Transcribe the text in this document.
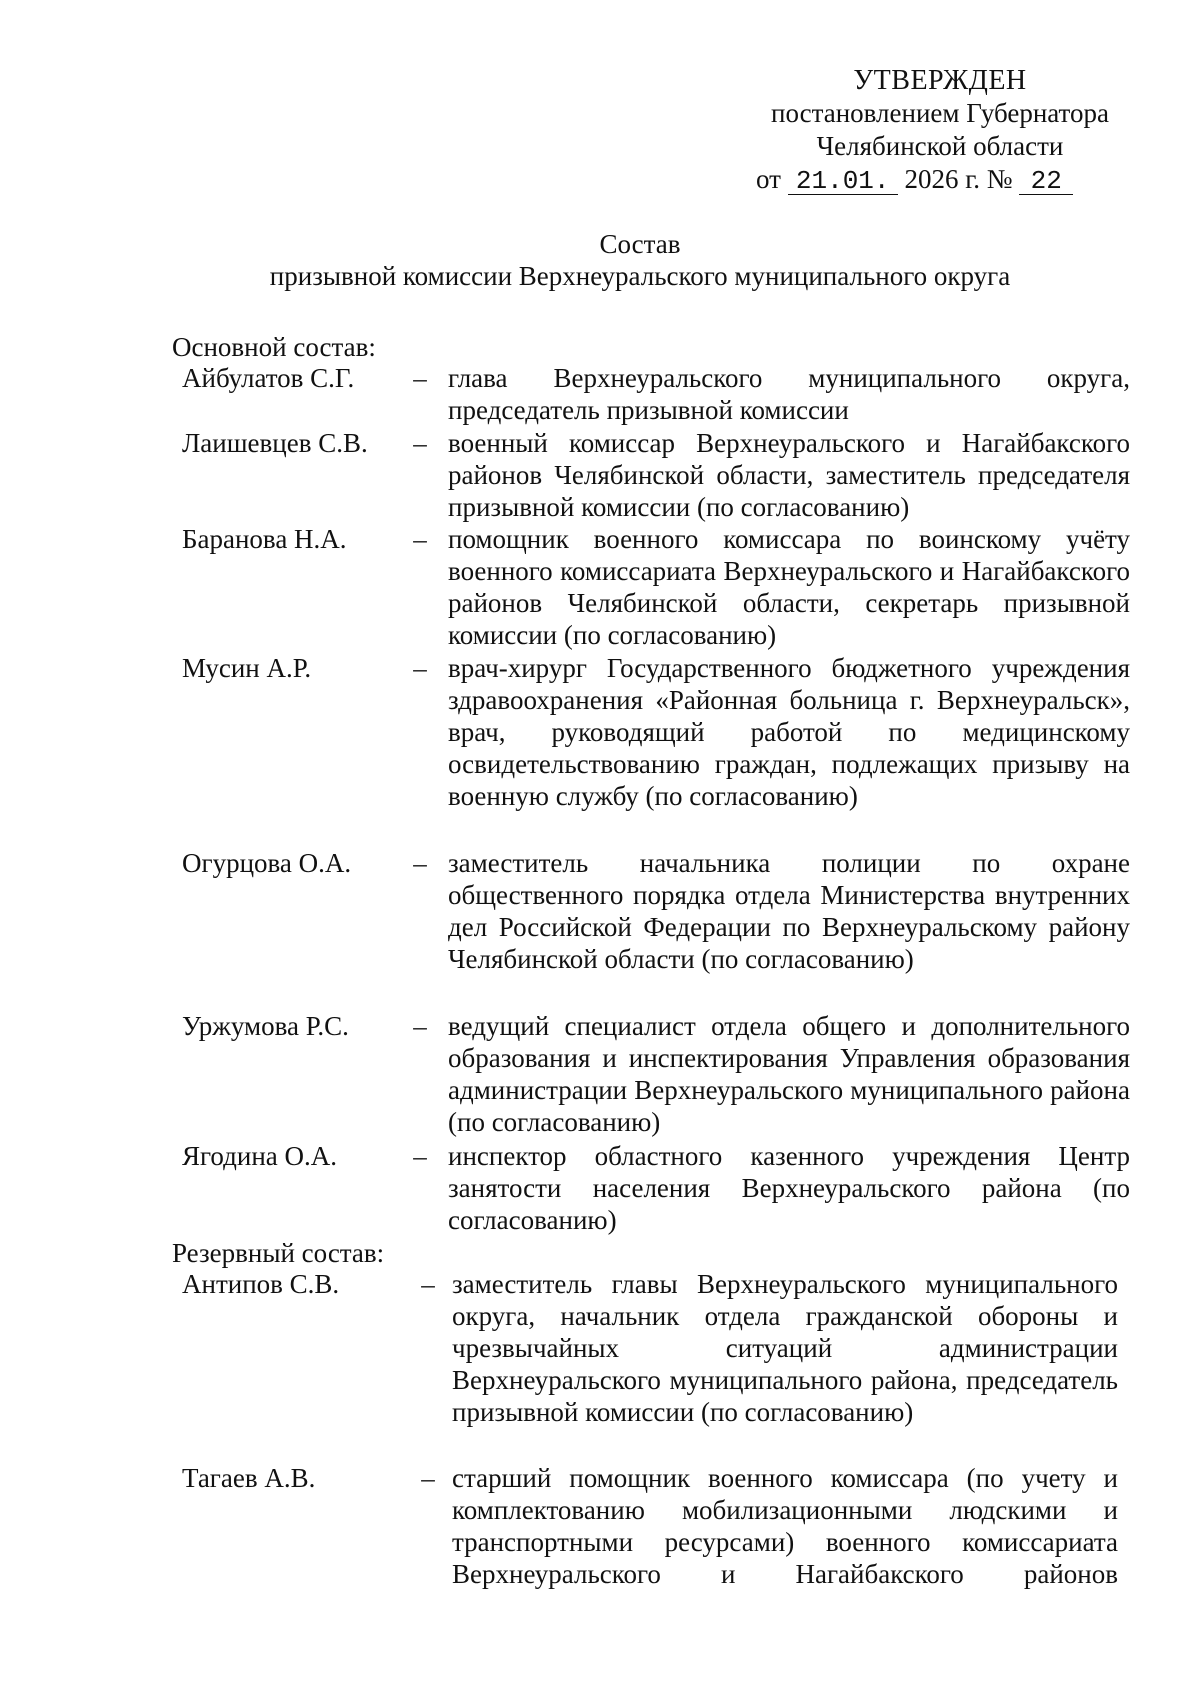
УТВЕРЖДЕН
постановлением Губернатора
Челябинской области
от 21.01. 2026 г. № 22
Состав
призывной комиссии Верхнеуральского муниципального округа
Основной состав:
Айбулатов С.Г.	– глава Верхнеуральского муниципального округа, председатель призывной комиссии
Лаишевцев С.В.	– военный комиссар Верхнеуральского и Нагайбакского районов Челябинской области, заместитель председателя призывной комиссии (по согласованию)
Баранова Н.А.	– помощник военного комиссара по воинскому учёту военного комиссариата Верхнеуральского и Нагайбакского районов Челябинской области, секретарь призывной комиссии (по согласованию)
Мусин А.Р.	– врач-хирург Государственного бюджетного учреждения здравоохранения «Районная больница г. Верхнеуральск», врач, руководящий работой по медицинскому освидетельствованию граждан, подлежащих призыву на военную службу (по согласованию)
Огурцова О.А.	– заместитель начальника полиции по охране общественного порядка отдела Министерства внутренних дел Российской Федерации по Верхнеуральскому району Челябинской области (по согласованию)
Уржумова Р.С.	– ведущий специалист отдела общего и дополнительного образования и инспектирования Управления образования администрации Верхнеуральского муниципального района (по согласованию)
Ягодина О.А.	– инспектор областного казенного учреждения Центр занятости населения Верхнеуральского района (по согласованию)
Резервный состав:
Антипов С.В.	– заместитель главы Верхнеуральского муниципального округа, начальник отдела гражданской обороны и чрезвычайных ситуаций администрации Верхнеуральского муниципального района, председатель призывной комиссии (по согласованию)
Тагаев А.В.	– старший помощник военного комиссара (по учету и комплектованию мобилизационными людскими и транспортными ресурсами) военного комиссариата Верхнеуральского и Нагайбакского районов
